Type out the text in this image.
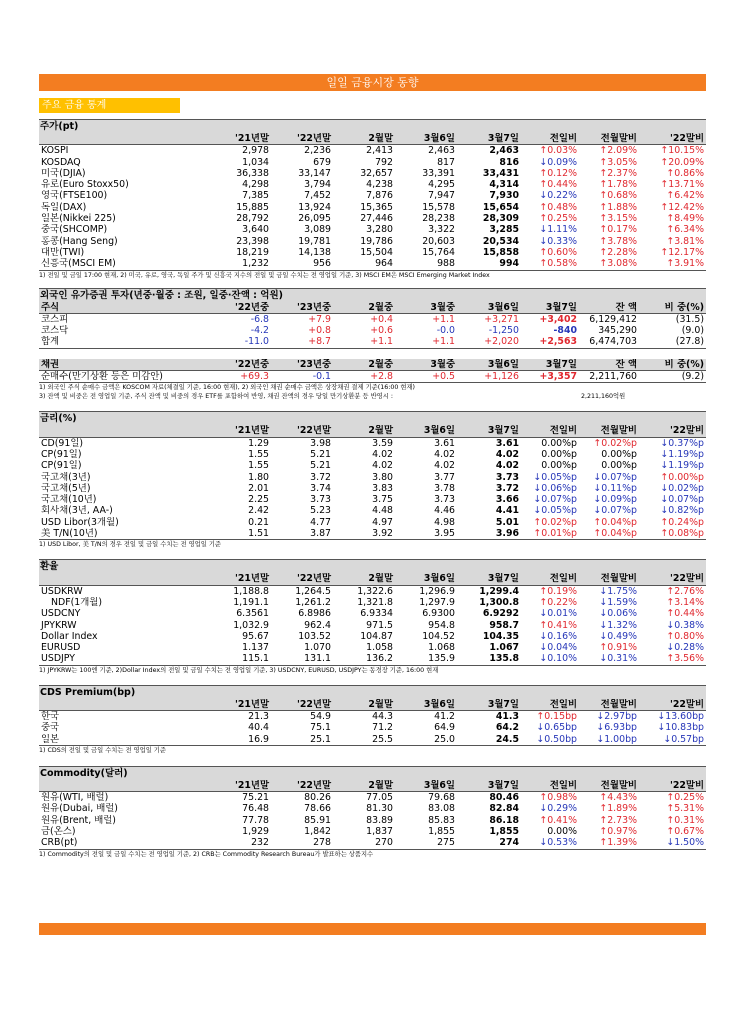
일일 금융시장 동향
주요 금융 통계
주가(pt)
	'21년말	'22년말	2월말	3월6일	3월7일	전일비	전월말비	'22말비
KOSPI	2,978	2,236	2,413	2,463	2,463	↑0.03%	↑2.09%	↑10.15%
KOSDAQ	1,034	679	792	817	816	↓0.09%	↑3.05%	↑20.09%
미국(DJIA)	36,338	33,147	32,657	33,391	33,431	↑0.12%	↑2.37%	↑0.86%
유로(Euro Stoxx50)	4,298	3,794	4,238	4,295	4,314	↑0.44%	↑1.78%	↑13.71%
영국(FTSE100)	7,385	7,452	7,876	7,947	7,930	↓0.22%	↑0.68%	↑6.42%
독일(DAX)	15,885	13,924	15,365	15,578	15,654	↑0.48%	↑1.88%	↑12.42%
일본(Nikkei 225)	28,792	26,095	27,446	28,238	28,309	↑0.25%	↑3.15%	↑8.49%
중국(SHCOMP)	3,640	3,089	3,280	3,322	3,285	↓1.11%	↑0.17%	↑6.34%
홍콩(Hang Seng)	23,398	19,781	19,786	20,603	20,534	↓0.33%	↑3.78%	↑3.81%
대만(TWI)	18,219	14,138	15,504	15,764	15,858	↑0.60%	↑2.28%	↑12.17%
신흥국(MSCI EM)	1,232	956	964	988	994	↑0.58%	↑3.08%	↑3.91%
1) 전일 및 금일 17:00 현재, 2) 미국, 유로, 영국, 독일 주가 및 신흥국 지수의 전일 및 금일 수치는 전 영업일 기준, 3) MSCI EM은 MSCI Emerging Market Index
외국인 유가증권 투자(년중·월중 : 조원, 일중·잔액 : 억원)
주식	'22년중	'23년중	2월중	3월중	3월6일	3월7일	잔 액	비 중(%)
코스피	-6.8	+7.9	+0.4	+1.1	+3,271	+3,402	6,129,412	(31.5)
코스닥	-4.2	+0.8	+0.6	-0.0	-1,250	-840	345,290	(9.0)
합계	-11.0	+8.7	+1.1	+1.1	+2,020	+2,563	6,474,703	(27.8)
채권	'22년중	'23년중	2월중	3월중	3월6일	3월7일	잔 액	비 중(%)
순매수(만기상환 등은 미감안)	+69.3	-0.1	+2.8	+0.5	+1,126	+3,357	2,211,760	(9.2)
1) 외국인 주식 순매수 금액은 KOSCOM 자료(체결일 기준, 16:00 현재), 2) 외국인 채권 순매수 금액은 상장채권 결제 기준(16:00 현재)
3) 잔액 및 비중은 전 영업일 기준, 주식 잔액 및 비중의 경우 ETF를 포함하여 반영, 채권 잔액의 경우 당일 만기상환분 등 반영시 :	2,211,160억원
금리(%)
	'21년말	'22년말	2월말	3월6일	3월7일	전일비	전월말비	'22말비
CD(91일)	1.29	3.98	3.59	3.61	3.61	0.00%p	↑0.02%p	↓0.37%p
CP(91일)	1.55	5.21	4.02	4.02	4.02	0.00%p	0.00%p	↓1.19%p
CP(91일)	1.55	5.21	4.02	4.02	4.02	0.00%p	0.00%p	↓1.19%p
국고채(3년)	1.80	3.72	3.80	3.77	3.73	↓0.05%p	↓0.07%p	↑0.00%p
국고채(5년)	2.01	3.74	3.83	3.78	3.72	↓0.06%p	↓0.11%p	↓0.02%p
국고채(10년)	2.25	3.73	3.75	3.73	3.66	↓0.07%p	↓0.09%p	↓0.07%p
회사채(3년, AA-)	2.42	5.23	4.48	4.46	4.41	↓0.05%p	↓0.07%p	↓0.82%p
USD Libor(3개월)	0.21	4.77	4.97	4.98	5.01	↑0.02%p	↑0.04%p	↑0.24%p
美 T/N(10년)	1.51	3.87	3.92	3.95	3.96	↑0.01%p	↑0.04%p	↑0.08%p
1) USD Libor, 美 T/N의 경우 전일 및 금일 수치는 전 영업일 기준
환율
	'21년말	'22년말	2월말	3월6일	3월7일	전일비	전월말비	'22말비
USDKRW	1,188.8	1,264.5	1,322.6	1,296.9	1,299.4	↑0.19%	↓1.75%	↑2.76%
NDF(1개월)	1,191.1	1,261.2	1,321.8	1,297.9	1,300.8	↑0.22%	↓1.59%	↑3.14%
USDCNY	6.3561	6.8986	6.9334	6.9300	6.9292	↓0.01%	↓0.06%	↑0.44%
JPYKRW	1,032.9	962.4	971.5	954.8	958.7	↑0.41%	↓1.32%	↓0.38%
Dollar Index	95.67	103.52	104.87	104.52	104.35	↓0.16%	↓0.49%	↑0.80%
EURUSD	1.137	1.070	1.058	1.068	1.067	↓0.04%	↑0.91%	↓0.28%
USDJPY	115.1	131.1	136.2	135.9	135.8	↓0.10%	↓0.31%	↑3.56%
1) JPYKRW는 100엔 기준, 2)Dollar Index의 전일 및 금일 수치는 전 영업일 기준, 3) USDCNY, EURUSD, USDJPY는 동경장 기준, 16:00 현재
CDS Premium(bp)
	'21년말	'22년말	2월말	3월6일	3월7일	전일비	전월말비	'22말비
한국	21.3	54.9	44.3	41.2	41.3	↑0.15bp	↓2.97bp	↓13.60bp
중국	40.4	75.1	71.2	64.9	64.2	↓0.65bp	↓6.93bp	↓10.83bp
일본	16.9	25.1	25.5	25.0	24.5	↓0.50bp	↓1.00bp	↓0.57bp
1) CDS의 전일 및 금일 수치는 전 영업일 기준
Commodity(달러)
	'21년말	'22년말	2월말	3월6일	3월7일	전일비	전월말비	'22말비
원유(WTI, 배럴)	75.21	80.26	77.05	79.68	80.46	↑0.98%	↑4.43%	↑0.25%
원유(Dubai, 배럴)	76.48	78.66	81.30	83.08	82.84	↓0.29%	↑1.89%	↑5.31%
원유(Brent, 배럴)	77.78	85.91	83.89	85.83	86.18	↑0.41%	↑2.73%	↑0.31%
금(온스)	1,929	1,842	1,837	1,855	1,855	0.00%	↑0.97%	↑0.67%
CRB(pt)	232	278	270	275	274	↓0.53%	↑1.39%	↓1.50%
1) Commodity의 전일 및 금일 수치는 전 영업일 기준, 2) CRB는 Commodity Research Bureau가 발표하는 상품지수
